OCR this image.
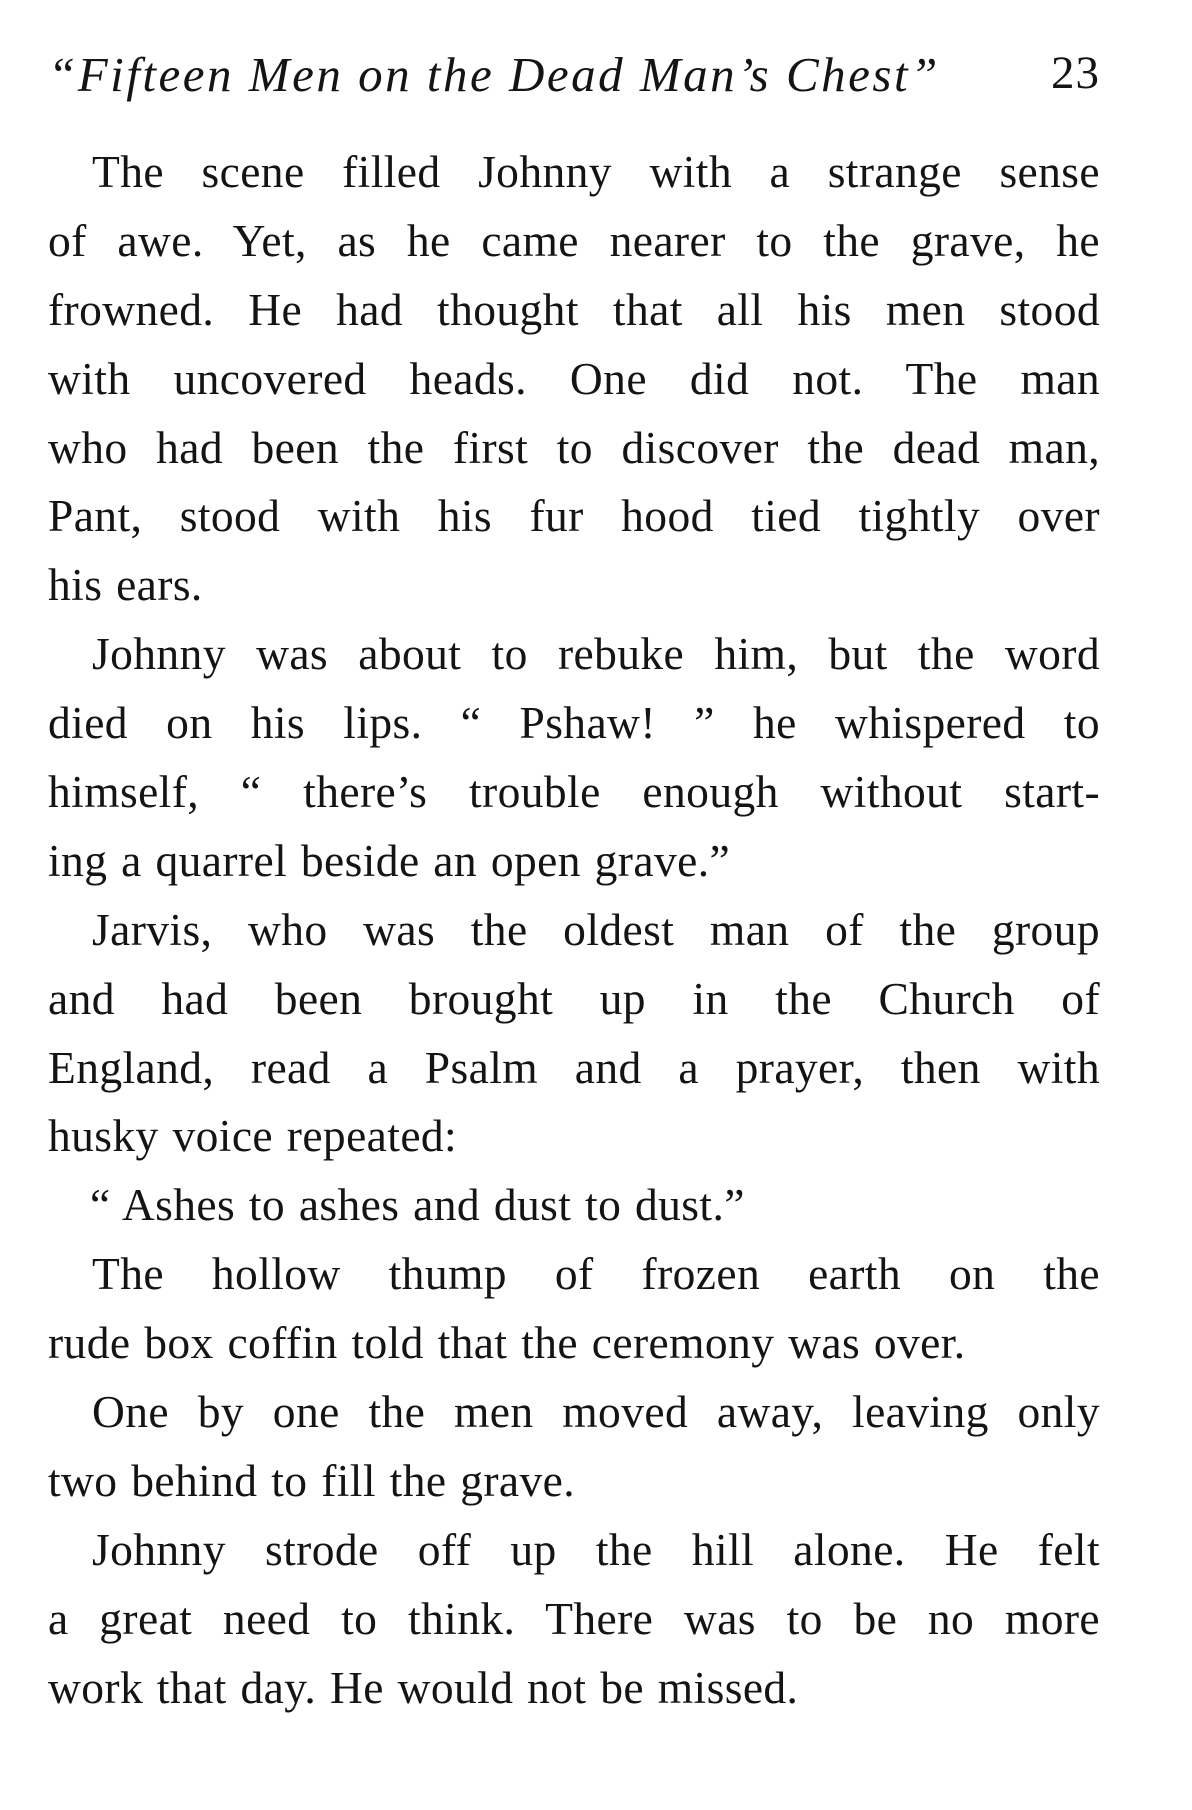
“Fifteen Men on the Dead Man’s Chest” 23
The scene filled Johnny with a strange sense
of awe. Yet, as he came nearer to the grave, he
frowned. He had thought that all his men stood
with uncovered heads. One did not. The man
who had been the first to discover the dead man,
Pant, stood with his fur hood tied tightly over
his ears.
Johnny was about to rebuke him, but the word
died on his lips. “ Pshaw! ” he whispered to
himself, “ there’s trouble enough without start-
ing a quarrel beside an open grave.”
Jarvis, who was the oldest man of the group
and had been brought up in the Church of
England, read a Psalm and a prayer, then with
husky voice repeated:
“ Ashes to ashes and dust to dust.”
The hollow thump of frozen earth on the
rude box coffin told that the ceremony was over.
One by one the men moved away, leaving only
two behind to fill the grave.
Johnny strode off up the hill alone. He felt
a great need to think. There was to be no more
work that day. He would not be missed.
